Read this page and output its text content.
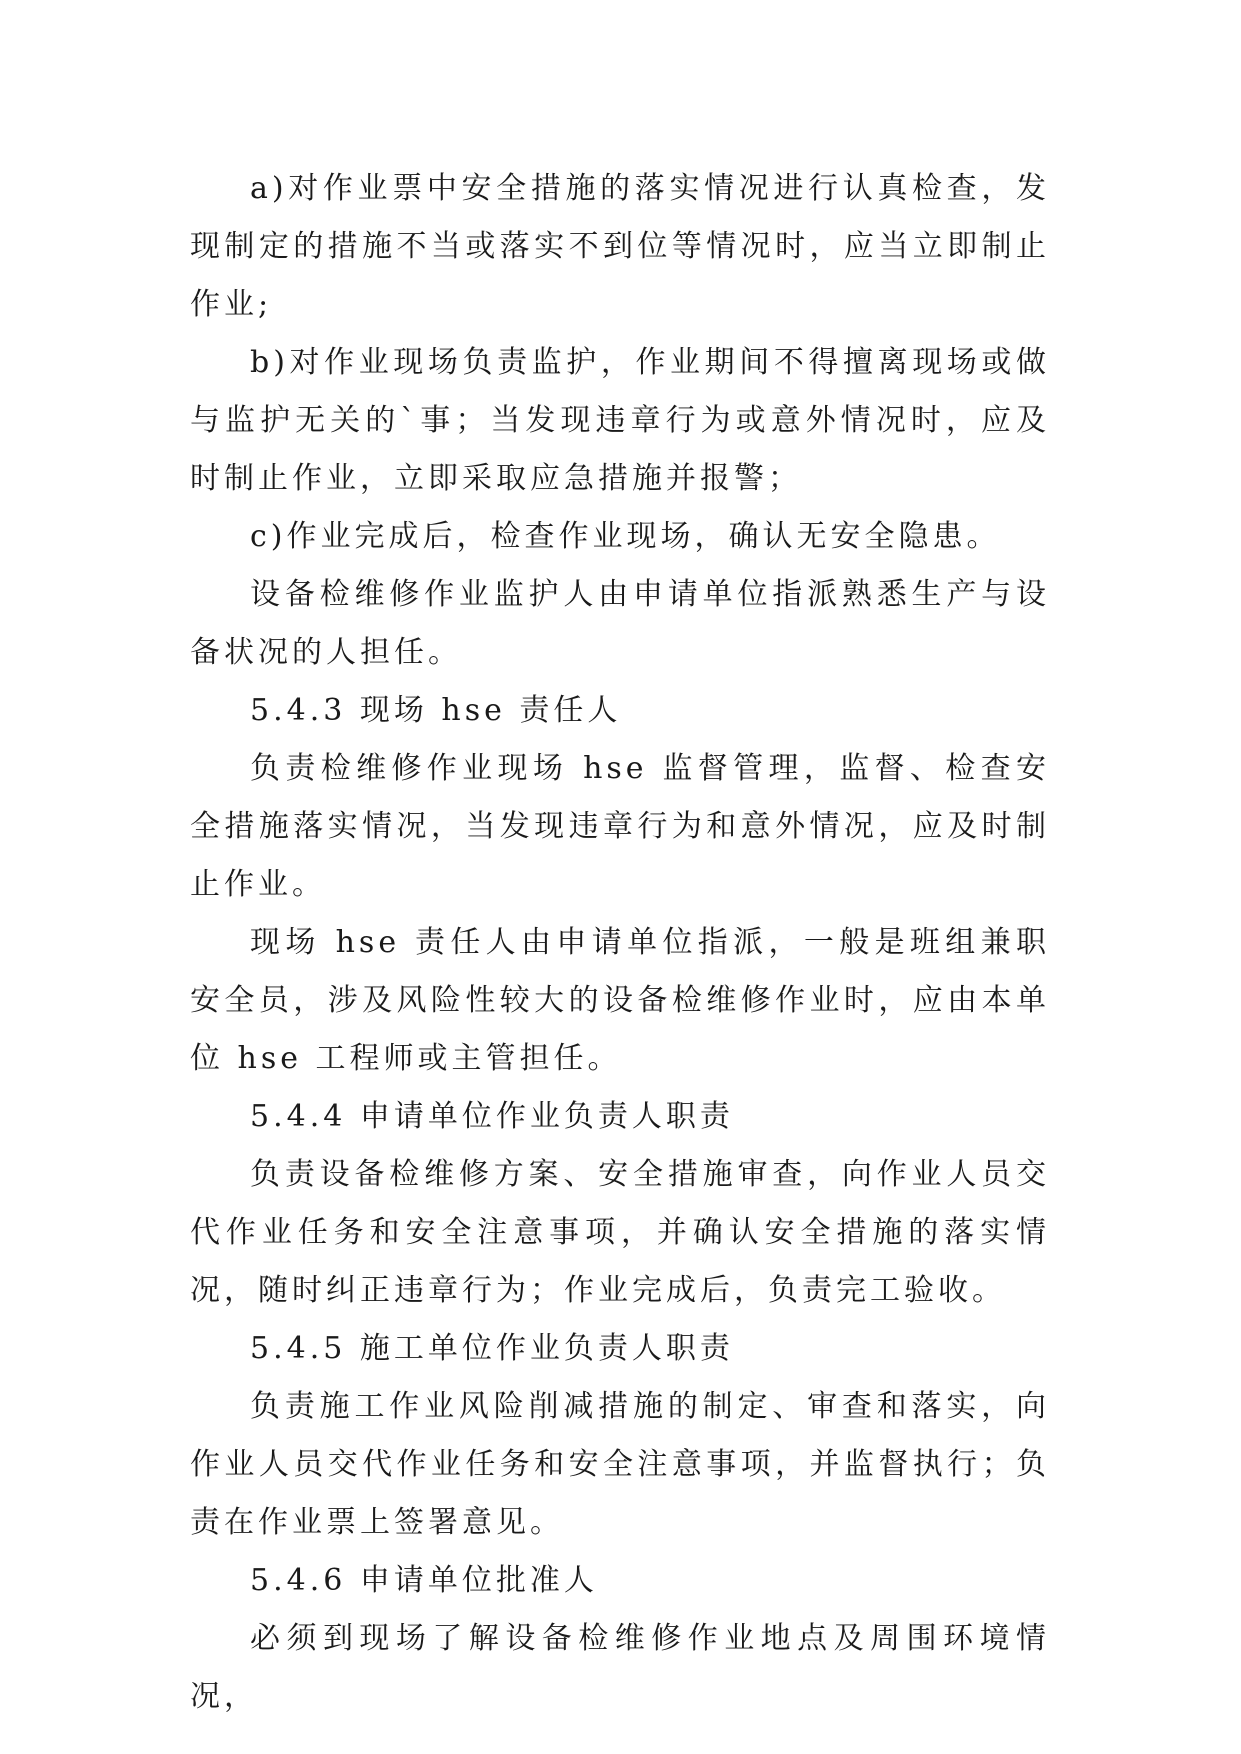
a)对作业票中安全措施的落实情况进行认真检查，发现制定的措施不当或落实不到位等情况时，应当立即制止作业;

b)对作业现场负责监护，作业期间不得擅离现场或做与监护无关的`事；当发现违章行为或意外情况时，应及时制止作业，立即采取应急措施并报警；

c)作业完成后，检查作业现场，确认无安全隐患。

设备检维修作业监护人由申请单位指派熟悉生产与设备状况的人担任。

5.4.3 现场 hse 责任人

负责检维修作业现场 hse 监督管理，监督、检查安全措施落实情况，当发现违章行为和意外情况，应及时制止作业。

现场 hse 责任人由申请单位指派，一般是班组兼职安全员，涉及风险性较大的设备检维修作业时，应由本单位 hse 工程师或主管担任。

5.4.4 申请单位作业负责人职责

负责设备检维修方案、安全措施审查，向作业人员交代作业任务和安全注意事项，并确认安全措施的落实情况，随时纠正违章行为；作业完成后，负责完工验收。

5.4.5 施工单位作业负责人职责

负责施工作业风险削减措施的制定、审查和落实，向作业人员交代作业任务和安全注意事项，并监督执行；负责在作业票上签署意见。

5.4.6 申请单位批准人

必须到现场了解设备检维修作业地点及周围环境情况，
